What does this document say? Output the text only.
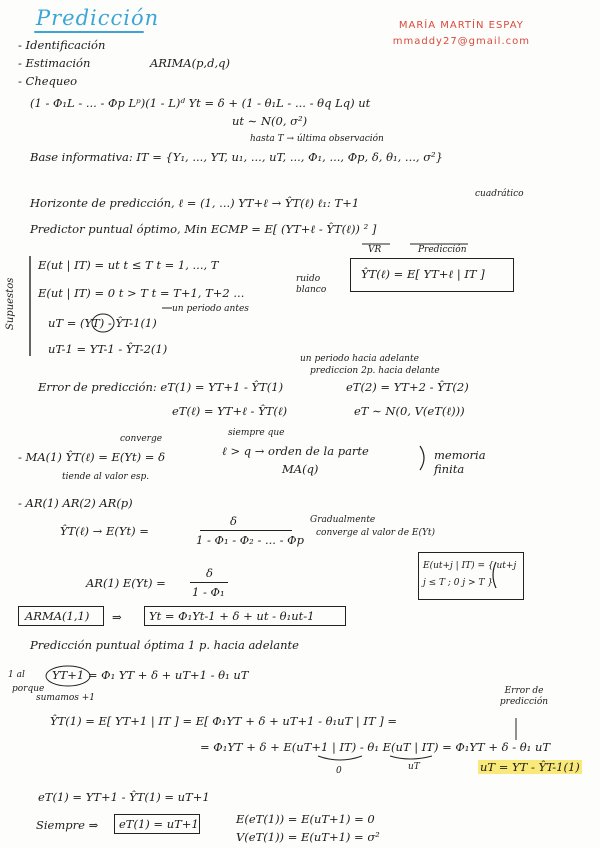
Predicción	MARÍA MARTÍN ESPAY
mmaddy27@gmail.com
- Identificación
- Estimación
- Chequeo
ARIMA(p,d,q)
(1 - Φ₁L - ... - Φp Lᵖ)(1 - L)ᵈ Yt = δ + (1 - θ₁L - ... - θq Lq) ut
ut ∼ N(0, σ²)
hasta T → última observación
Base informativa: IT = {Y₁, ..., YT, u₁, ..., uT, ..., Φ₁, ..., Φp, δ, θ₁, ..., σ²}
Horizonte de predicción, ℓ = (1, ...) YT+ℓ → ŶT(ℓ) ℓ₁: T+1
cuadrático
Predictor puntual óptimo, Min ECMP = E[ (YT+ℓ - ŶT(ℓ)) ² ]
VR	Predicción
E(ut | IT) = ut t ≤ T t = 1, ..., T
E(ut | IT) = 0 t > T t = T+1, T+2 ...
ruido blanco
ŶT(ℓ) = E[ YT+ℓ | IT ]
Supuestos	uT = (YT) - ŶT-1(1)
un periodo antes
uT-1 = YT-1 - ŶT-2(1)
un periodo hacia adelante
Error de predicción: eT(1) = YT+1 - ŶT(1)
prediccion 2p. hacia delante
eT(2) = YT+2 - ŶT(2)
eT(ℓ) = YT+ℓ - ŶT(ℓ)	eT ∼ N(0, V(eT(ℓ)))
converge
- MA(1) ŶT(ℓ) = E(Yt) = δ
siempre que
ℓ > q → orden de la parte
MA(q)
tiende al valor esp.
memoria finita
- AR(1) AR(2) AR(p)
Gradualmente
converge al valor de E(Yt)
ŶT(ℓ) → E(Yt) =
δ
1 - Φ₁ - Φ₂ - ... - Φp
AR(1) E(Yt) =
δ
1 - Φ₁
E(ut+j | IT) = { ut+j j ≤ T ; 0 j > T }
ARMA(1,1) ⇒ Yt = Φ₁Yt-1 + δ + ut - θ₁ut-1
Predicción puntual óptima 1 p. hacia adelante
1 al
porque
sumamos +1
YT+1 = Φ₁ YT + δ + uT+1 - θ₁ uT
ŶT(1) = E[ YT+1 | IT ] = E[ Φ₁YT + δ + uT+1 - θ₁uT | IT ] =
= Φ₁YT + δ + E(uT+1 | IT) - θ₁ E(uT | IT) = Φ₁YT + δ - θ₁ uT
0	uT
Error de predicción
uT = YT - ŶT-1(1)
eT(1) = YT+1 - ŶT(1) = uT+1
Siempre ⇒ eT(1) = uT+1	E(eT(1)) = E(uT+1) = 0
V(eT(1)) = E(uT+1) = σ²
